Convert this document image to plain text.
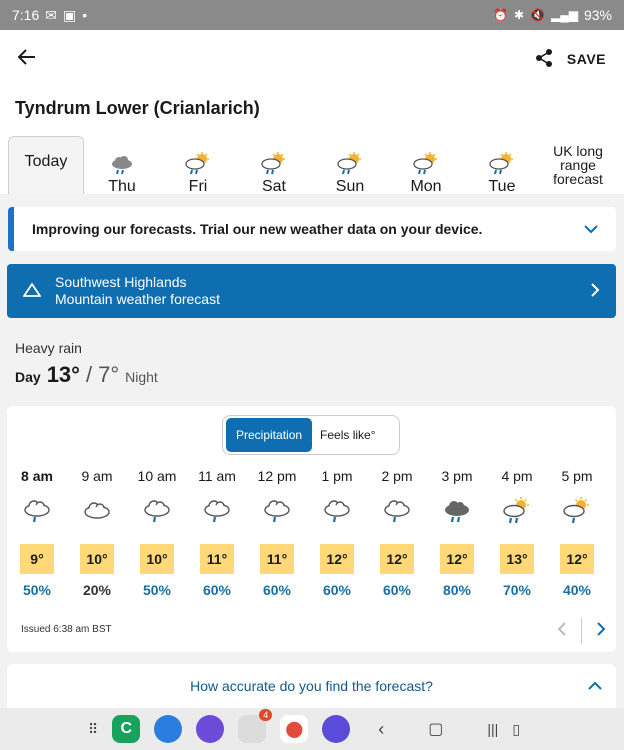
7:16 ✉ ▣ •	⏰ ✱ 🔇 ▂▄▆ 93%
SAVE
Tyndrum Lower (Crianlarich)
Today
Thu	Fri	Sat	Sun	Mon	Tue
UK long
range
forecast
Improving our forecasts. Trial our new weather data on your device.
Southwest Highlands
Mountain weather forecast
Heavy rain
Day 13° / 7° Night
Precipitation	Feels like°
8 am
9°
50%
9 am
10°
20%
10 am
10°
50%
11 am
11°
60%
12 pm
11°
60%
1 pm
12°
60%
2 pm
12°
60%
3 pm
12°
80%
4 pm
13°
70%
5 pm
12°
40%
Issued 6:38 am BST
How accurate do you find the forecast?
⠿	C
4
⬤	‹	▢	||| ▯
